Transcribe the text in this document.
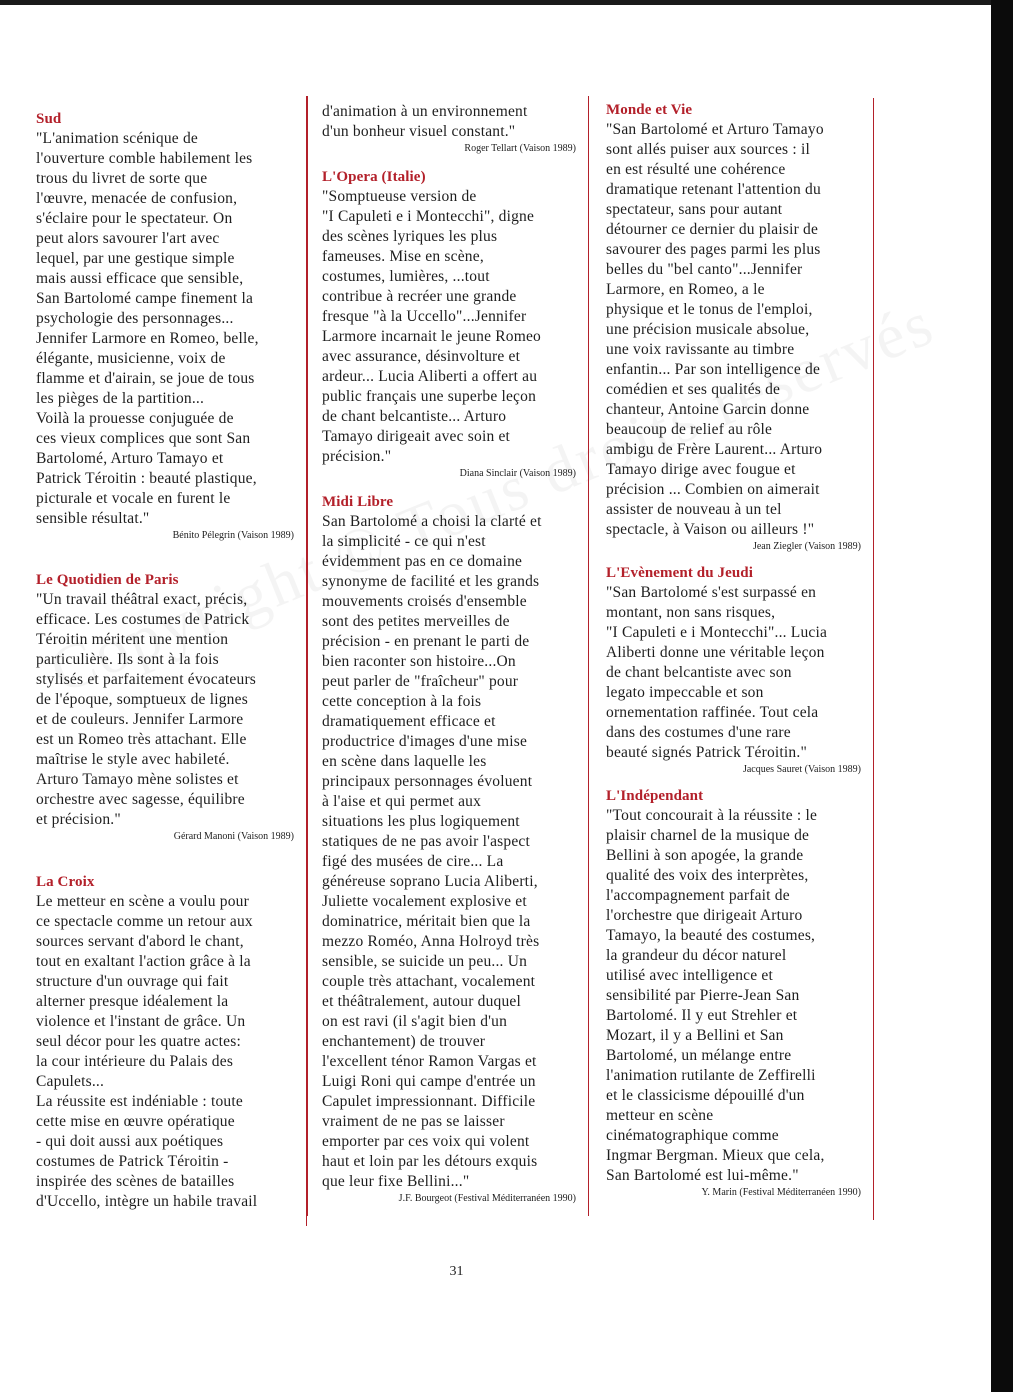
Sud

"L'animation scénique de
l'ouverture comble habilement les
trous du livret de sorte que
l'œuvre, menacée de confusion,
s'éclaire pour le spectateur. On
peut alors savourer l'art avec
lequel, par une gestique simple
mais aussi efficace que sensible,
San Bartolomé campe finement la
psychologie des personnages...
Jennifer Larmore en Romeo, belle,
élégante, musicienne, voix de
flamme et d'airain, se joue de tous
les pièges de la partition...
Voilà la prouesse conjuguée de
ces vieux complices que sont San
Bartolomé, Arturo Tamayo et
Patrick Téroitin : beauté plastique,
picturale et vocale en furent le
sensible résultat."

Bénito Pélegrin (Vaison 1989)

Le Quotidien de Paris

"Un travail théâtral exact, précis,
efficace. Les costumes de Patrick
Téroitin méritent une mention
particulière. Ils sont à la fois
stylisés et parfaitement évocateurs
de l'époque, somptueux de lignes
et de couleurs. Jennifer Larmore
est un Romeo très attachant. Elle
maîtrise le style avec habileté.
Arturo Tamayo mène solistes et
orchestre avec sagesse, équilibre
et précision."

Gérard Manoni (Vaison 1989)

La Croix

Le metteur en scène a voulu pour
ce spectacle comme un retour aux
sources servant d'abord le chant,
tout en exaltant l'action grâce à la
structure d'un ouvrage qui fait
alterner presque idéalement la
violence et l'instant de grâce. Un
seul décor pour les quatre actes:
la cour intérieure du Palais des
Capulets...
La réussite est indéniable : toute
cette mise en œuvre opératique
- qui doit aussi aux poétiques
costumes de Patrick Téroitin -
inspirée des scènes de batailles
d'Uccello, intègre un habile travail

d'animation à un environnement
d'un bonheur visuel constant."

Roger Tellart (Vaison 1989)

L'Opera (Italie)

"Somptueuse version de
"I Capuleti e i Montecchi", digne
des scènes lyriques les plus
fameuses. Mise en scène,
costumes, lumières, ...tout
contribue à recréer une grande
fresque "à la Uccello"...Jennifer
Larmore incarnait le jeune Romeo
avec assurance, désinvolture et
ardeur... Lucia Aliberti a offert au
public français une superbe leçon
de chant belcantiste... Arturo
Tamayo dirigeait avec soin et
précision."

Diana Sinclair (Vaison 1989)

Midi Libre

San Bartolomé a choisi la clarté et
la simplicité - ce qui n'est
évidemment pas en ce domaine
synonyme de facilité et les grands
mouvements croisés d'ensemble
sont des petites merveilles de
précision - en prenant le parti de
bien raconter son histoire...On
peut parler de "fraîcheur" pour
cette conception à la fois
dramatiquement efficace et
productrice d'images d'une mise
en scène dans laquelle les
principaux personnages évoluent
à l'aise et qui permet aux
situations les plus logiquement
statiques de ne pas avoir l'aspect
figé des musées de cire... La
généreuse soprano Lucia Aliberti,
Juliette vocalement explosive et
dominatrice, méritait bien que la
mezzo Roméo, Anna Holroyd très
sensible, se suicide un peu... Un
couple très attachant, vocalement
et théâtralement, autour duquel
on est ravi (il s'agit bien d'un
enchantement) de trouver
l'excellent ténor Ramon Vargas et
Luigi Roni qui campe d'entrée un
Capulet impressionnant. Difficile
vraiment de ne pas se laisser
emporter par ces voix qui volent
haut et loin par les détours exquis
que leur fixe Bellini..."

J.F. Bourgeot (Festival Méditerranéen 1990)

Monde et Vie

"San Bartolomé et Arturo Tamayo
sont allés puiser aux sources : il
en est résulté une cohérence
dramatique retenant l'attention du
spectateur, sans pour autant
détourner ce dernier du plaisir de
savourer des pages parmi les plus
belles du "bel canto"...Jennifer
Larmore, en Romeo, a le
physique et le tonus de l'emploi,
une précision musicale absolue,
une voix ravissante au timbre
enfantin... Par son intelligence de
comédien et ses qualités de
chanteur, Antoine Garcin donne
beaucoup de relief au rôle
ambigu de Frère Laurent... Arturo
Tamayo dirige avec fougue et
précision ... Combien on aimerait
assister de nouveau à un tel
spectacle, à Vaison ou ailleurs !"

Jean Ziegler (Vaison 1989)

L'Evènement du Jeudi

"San Bartolomé s'est surpassé en
montant, non sans risques,
"I Capuleti e i Montecchi"... Lucia
Aliberti donne une véritable leçon
de chant belcantiste avec son
legato impeccable et son
ornementation raffinée. Tout cela
dans des costumes d'une rare
beauté signés Patrick Téroitin."

Jacques Sauret (Vaison 1989)

L'Indépendant

"Tout concourait à la réussite : le
plaisir charnel de la musique de
Bellini à son apogée, la grande
qualité des voix des interprètes,
l'accompagnement parfait de
l'orchestre que dirigeait Arturo
Tamayo, la beauté des costumes,
la grandeur du décor naturel
utilisé avec intelligence et
sensibilité par Pierre-Jean San
Bartolomé. Il y eut Strehler et
Mozart, il y a Bellini et San
Bartolomé, un mélange entre
l'animation rutilante de Zeffirelli
et le classicisme dépouillé d'un
metteur en scène
cinématographique comme
Ingmar Bergman. Mieux que cela,
San Bartolomé est lui-même."

Y. Marin (Festival Méditerranéen 1990)

31
